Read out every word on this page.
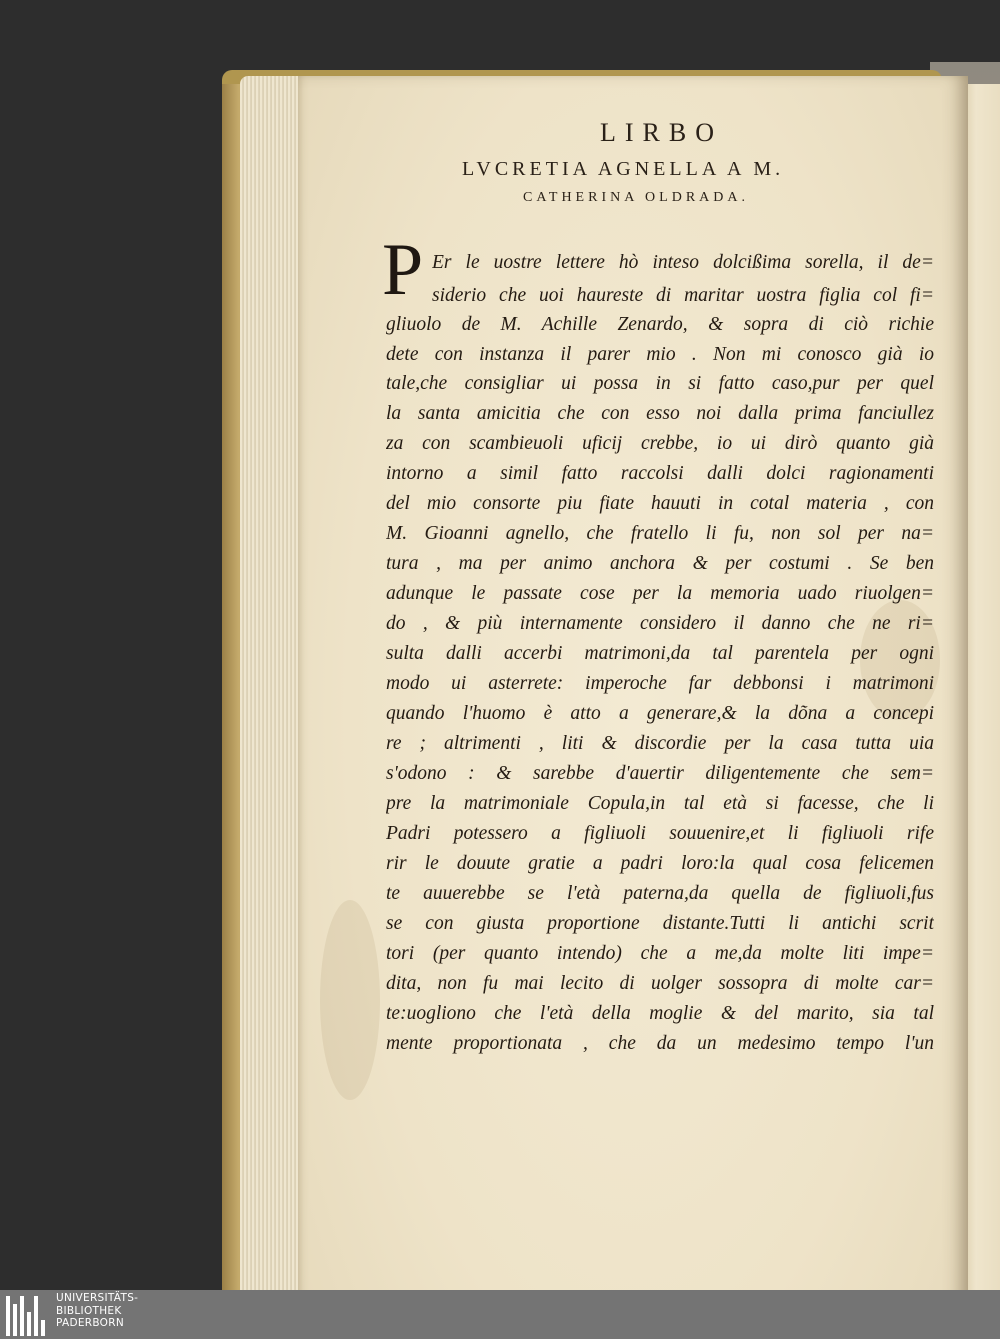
LIRBO
LVCRETIA AGNELLA A M.
CATHERINA OLDRADA.
P Er le uostre lettere hò inteso dolcißima sorella, il de=
siderio che uoi haureste di maritar uostra figlia col fi=
gliuolo de M. Achille Zenardo, & sopra di ciò richie
dete con instanza il parer mio . Non mi conosco già io
tale,che consigliar ui possa in si fatto caso,pur per quel
la santa amicitia che con esso noi dalla prima fanciullez
za con scambieuoli uficij crebbe, io ui dirò quanto già
intorno a simil fatto raccolsi dalli dolci ragionamenti
del mio consorte piu fiate hauuti in cotal materia , con
M. Gioanni agnello, che fratello li fu, non sol per na=
tura , ma per animo anchora & per costumi . Se ben
adunque le passate cose per la memoria uado riuolgen=
do , & più internamente considero il danno che ne ri=
sulta dalli accerbi matrimoni,da tal parentela per ogni
modo ui asterrete: imperoche far debbonsi i matrimoni
quando l'huomo è atto a generare,& la dõna a concepi
re ; altrimenti , liti & discordie per la casa tutta uia
s'odono : & sarebbe d'auertir diligentemente che sem=
pre la matrimoniale Copula,in tal età si facesse, che li
Padri potessero a figliuoli souuenire,et li figliuoli rife
rir le douute gratie a padri loro:la qual cosa felicemen
te auuerebbe se l'età paterna,da quella de figliuoli,fus
se con giusta proportione distante.Tutti li antichi scrit
tori (per quanto intendo) che a me,da molte liti impe=
dita, non fu mai lecito di uolger sossopra di molte car=
te:uogliono che l'età della moglie & del marito, sia tal
mente proportionata , che da un medesimo tempo l'un
UNIVERSITÄTS-
BIBLIOTHEK
PADERBORN
